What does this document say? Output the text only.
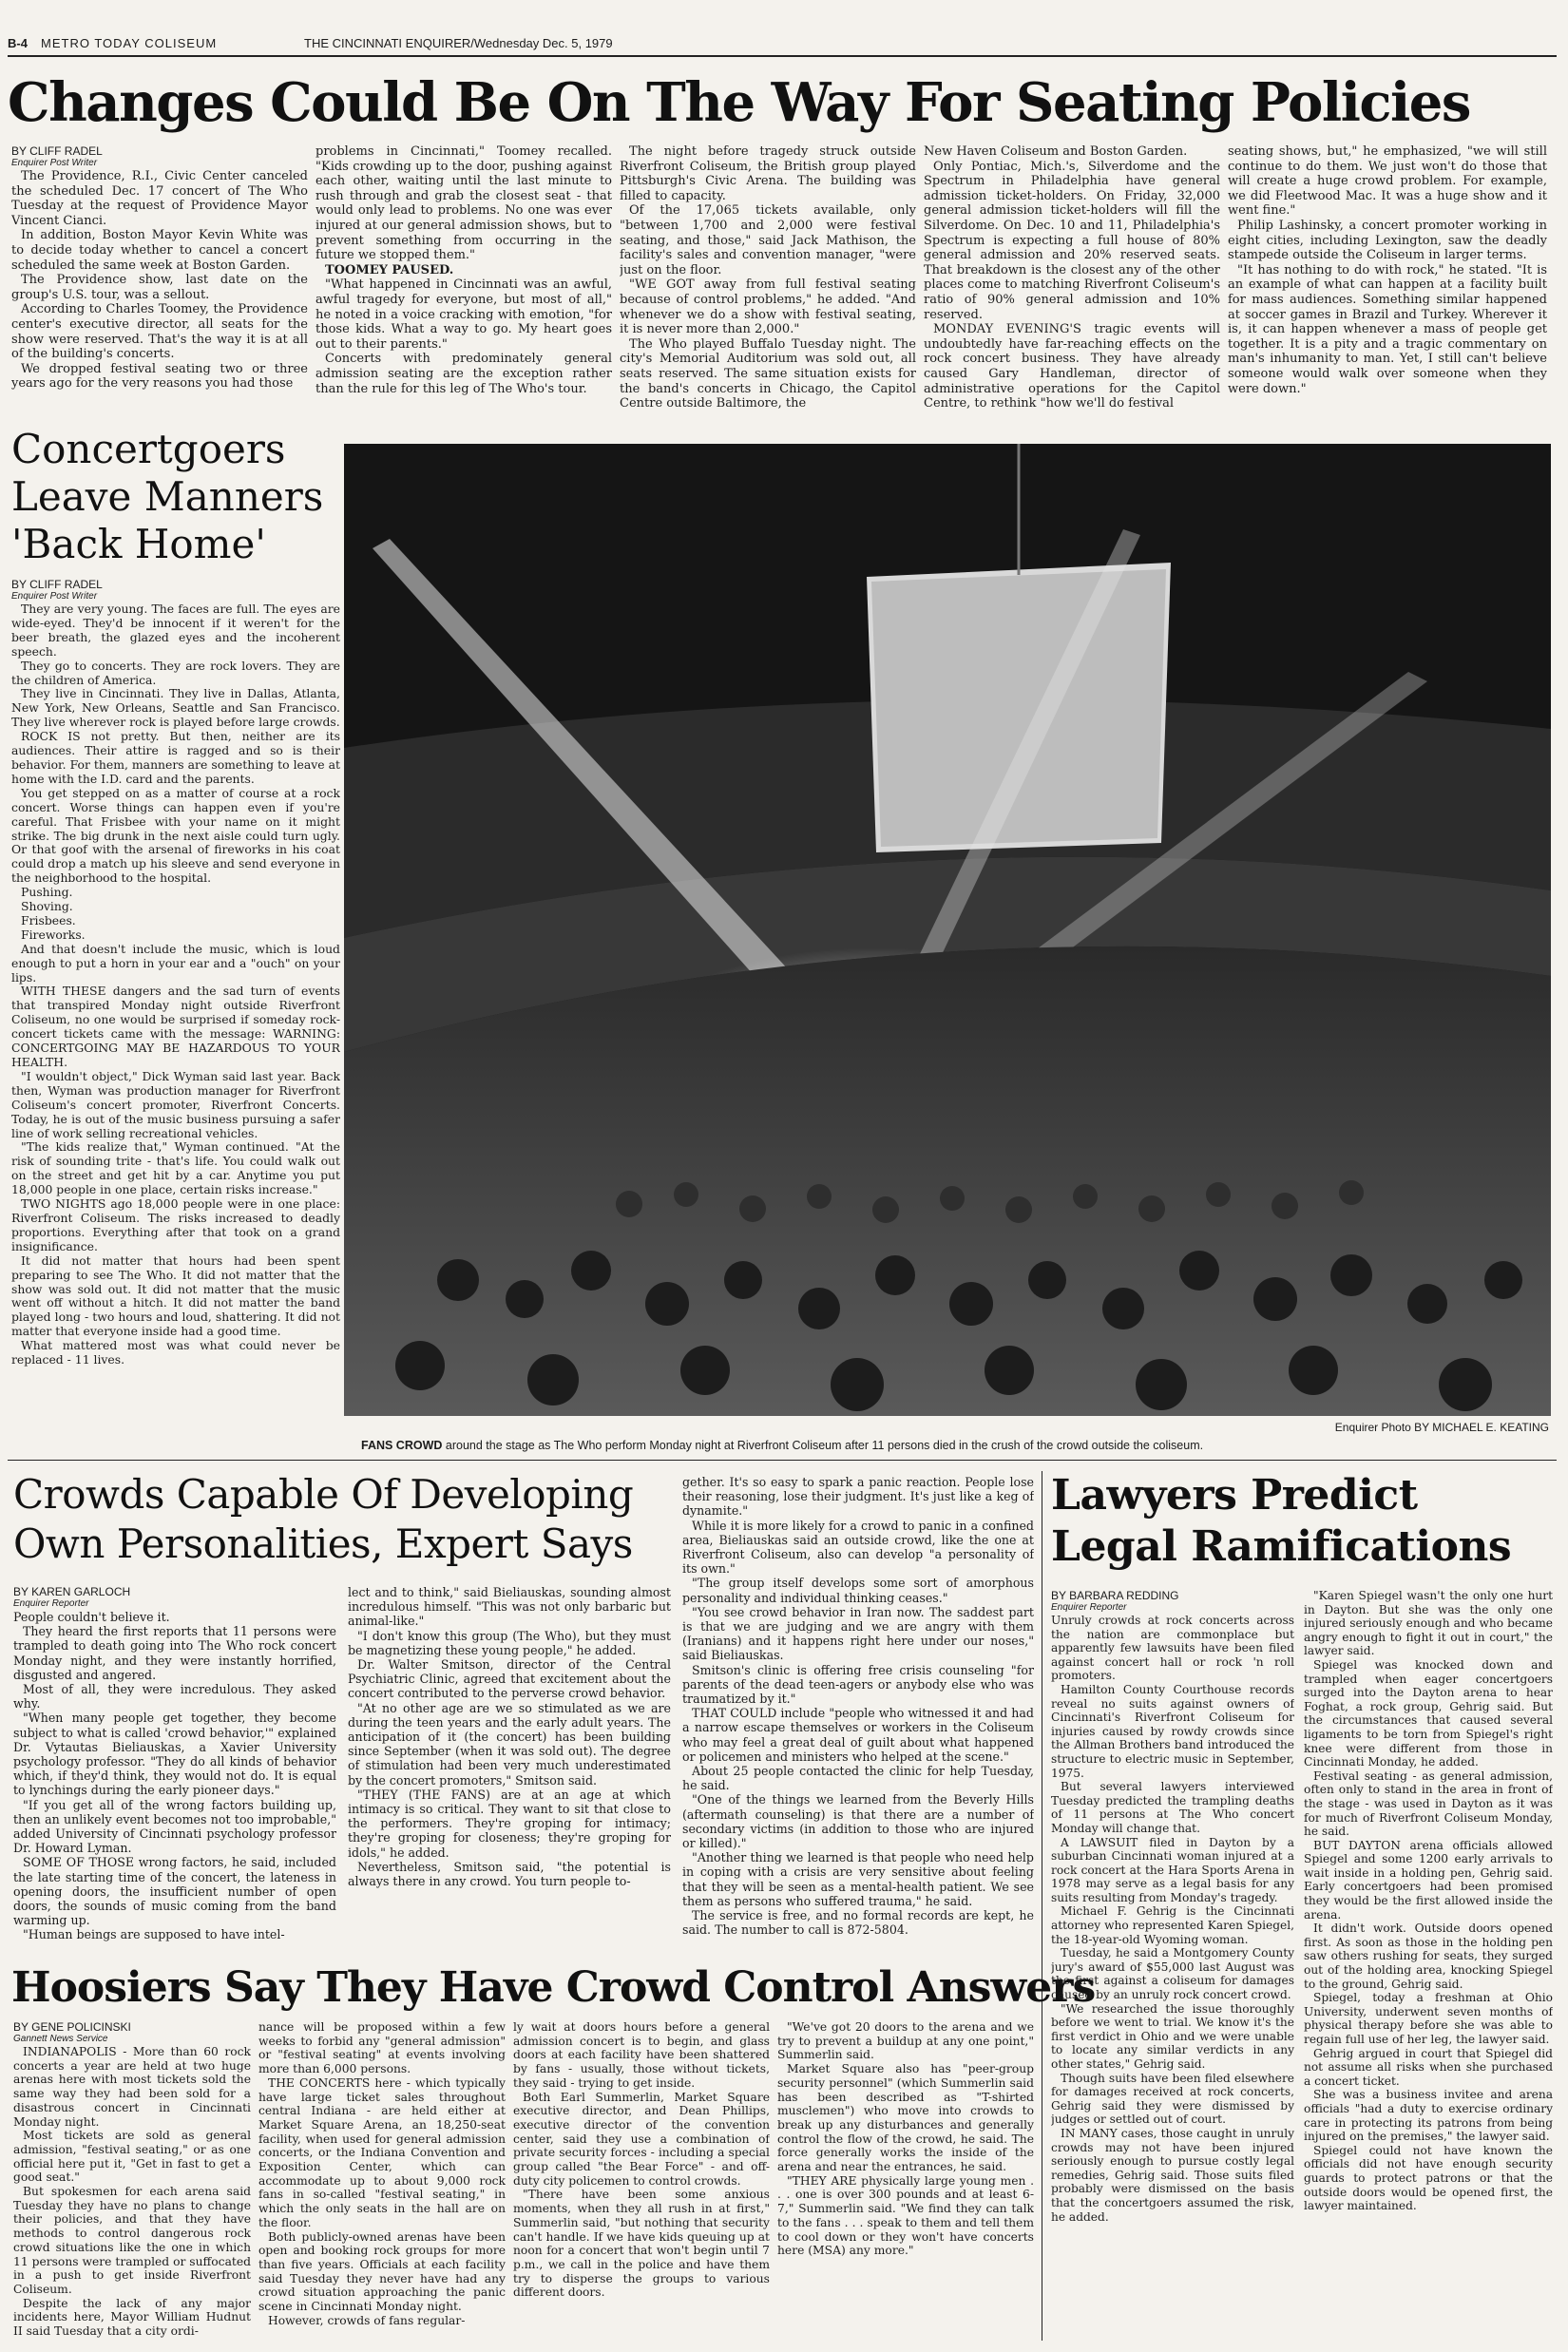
B-4 METRO TODAY COLISEUM	THE CINCINNATI ENQUIRER/Wednesday Dec. 5, 1979
Changes Could Be On The Way For Seating Policies
BY CLIFF RADEL
Enquirer Post Writer

The Providence, R.I., Civic Center canceled the scheduled Dec. 17 concert of The Who Tuesday at the request of Providence Mayor Vincent Cianci.

In addition, Boston Mayor Kevin White was to decide today whether to cancel a concert scheduled the same week at Boston Garden.

The Providence show, last date on the group's U.S. tour, was a sellout.

According to Charles Toomey, the Providence center's executive director, all seats for the show were reserved. That's the way it is at all of the building's concerts.

We dropped festival seating two or three years ago for the very reasons you had those

problems in Cincinnati," Toomey recalled. "Kids crowding up to the door, pushing against each other, waiting until the last minute to rush through and grab the closest seat - that would only lead to problems. No one was ever injured at our general admission shows, but to prevent something from occurring in the future we stopped them."

TOOMEY PAUSED.

"What happened in Cincinnati was an awful, awful tragedy for everyone, but most of all," he noted in a voice cracking with emotion, "for those kids. What a way to go. My heart goes out to their parents."

Concerts with predominately general admission seating are the exception rather than the rule for this leg of The Who's tour.

The night before tragedy struck outside Riverfront Coliseum, the British group played Pittsburgh's Civic Arena. The building was filled to capacity.

Of the 17,065 tickets available, only "between 1,700 and 2,000 were festival seating, and those," said Jack Mathison, the facility's sales and convention manager, "were just on the floor.

"WE GOT away from full festival seating because of control problems," he added. "And whenever we do a show with festival seating, it is never more than 2,000."

The Who played Buffalo Tuesday night. The city's Memorial Auditorium was sold out, all seats reserved. The same situation exists for the band's concerts in Chicago, the Capitol Centre outside Baltimore, the

New Haven Coliseum and Boston Garden.

Only Pontiac, Mich.'s, Silverdome and the Spectrum in Philadelphia have general admission ticket-holders. On Friday, 32,000 general admission ticket-holders will fill the Silverdome. On Dec. 10 and 11, Philadelphia's Spectrum is expecting a full house of 80% general admission and 20% reserved seats. That breakdown is the closest any of the other places come to matching Riverfront Coliseum's ratio of 90% general admission and 10% reserved.

MONDAY EVENING'S tragic events will undoubtedly have far-reaching effects on the rock concert business. They have already caused Gary Handleman, director of administrative operations for the Capitol Centre, to rethink "how we'll do festival

seating shows, but," he emphasized, "we will still continue to do them. We just won't do those that will create a huge crowd problem. For example, we did Fleetwood Mac. It was a huge show and it went fine."

Philip Lashinsky, a concert promoter working in eight cities, including Lexington, saw the deadly stampede outside the Coliseum in larger terms.

"It has nothing to do with rock," he stated. "It is an example of what can happen at a facility built for mass audiences. Something similar happened at soccer games in Brazil and Turkey. Wherever it is, it can happen whenever a mass of people get together. It is a pity and a tragic commentary on man's inhumanity to man. Yet, I still can't believe someone would walk over someone when they were down."

Concertgoers
Leave Manners
'Back Home'
BY CLIFF RADEL
Enquirer Post Writer

They are very young. The faces are full. The eyes are wide-eyed. They'd be innocent if it weren't for the beer breath, the glazed eyes and the incoherent speech.

They go to concerts. They are rock lovers. They are the children of America.

They live in Cincinnati. They live in Dallas, Atlanta, New York, New Orleans, Seattle and San Francisco. They live wherever rock is played before large crowds.

ROCK IS not pretty. But then, neither are its audiences. Their attire is ragged and so is their behavior. For them, manners are something to leave at home with the I.D. card and the parents.

You get stepped on as a matter of course at a rock concert. Worse things can happen even if you're careful. That Frisbee with your name on it might strike. The big drunk in the next aisle could turn ugly. Or that goof with the arsenal of fireworks in his coat could drop a match up his sleeve and send everyone in the neighborhood to the hospital.

Pushing.

Shoving.

Frisbees.

Fireworks.

And that doesn't include the music, which is loud enough to put a horn in your ear and a "ouch" on your lips.

WITH THESE dangers and the sad turn of events that transpired Monday night outside Riverfront Coliseum, no one would be surprised if someday rock-concert tickets came with the message: WARNING: CONCERTGOING MAY BE HAZARDOUS TO YOUR HEALTH.

"I wouldn't object," Dick Wyman said last year. Back then, Wyman was production manager for Riverfront Coliseum's concert promoter, Riverfront Concerts. Today, he is out of the music business pursuing a safer line of work selling recreational vehicles.

"The kids realize that," Wyman continued. "At the risk of sounding trite - that's life. You could walk out on the street and get hit by a car. Anytime you put 18,000 people in one place, certain risks increase."

TWO NIGHTS ago 18,000 people were in one place: Riverfront Coliseum. The risks increased to deadly proportions. Everything after that took on a grand insignificance.

It did not matter that hours had been spent preparing to see The Who. It did not matter that the show was sold out. It did not matter that the music went off without a hitch. It did not matter the band played long - two hours and loud, shattering. It did not matter that everyone inside had a good time.

What mattered most was what could never be replaced - 11 lives.

Enquirer Photo BY MICHAEL E. KEATING
FANS CROWD around the stage as The Who perform Monday night at Riverfront Coliseum after 11 persons died in the crush of the crowd outside the coliseum.
Crowds Capable Of Developing
Own Personalities, Expert Says
BY KAREN GARLOCH
Enquirer Reporter

People couldn't believe it.

They heard the first reports that 11 persons were trampled to death going into The Who rock concert Monday night, and they were instantly horrified, disgusted and angered.

Most of all, they were incredulous. They asked why.

"When many people get together, they become subject to what is called 'crowd behavior,'" explained Dr. Vytautas Bieliauskas, a Xavier University psychology professor. "They do all kinds of behavior which, if they'd think, they would not do. It is equal to lynchings during the early pioneer days."

"If you get all of the wrong factors building up, then an unlikely event becomes not too improbable," added University of Cincinnati psychology professor Dr. Howard Lyman.

SOME OF THOSE wrong factors, he said, included the late starting time of the concert, the lateness in opening doors, the insufficient number of open doors, the sounds of music coming from the band warming up.

"Human beings are supposed to have intel-

lect and to think," said Bieliauskas, sounding almost incredulous himself. "This was not only barbaric but animal-like."

"I don't know this group (The Who), but they must be magnetizing these young people," he added.

Dr. Walter Smitson, director of the Central Psychiatric Clinic, agreed that excitement about the concert contributed to the perverse crowd behavior.

"At no other age are we so stimulated as we are during the teen years and the early adult years. The anticipation of it (the concert) has been building since September (when it was sold out). The degree of stimulation had been very much underestimated by the concert promoters," Smitson said.

"THEY (THE FANS) are at an age at which intimacy is so critical. They want to sit that close to the performers. They're groping for intimacy; they're groping for closeness; they're groping for idols," he added.

Nevertheless, Smitson said, "the potential is always there in any crowd. You turn people to-

gether. It's so easy to spark a panic reaction. People lose their reasoning, lose their judgment. It's just like a keg of dynamite."

While it is more likely for a crowd to panic in a confined area, Bieliauskas said an outside crowd, like the one at Riverfront Coliseum, also can develop "a personality of its own."

"The group itself develops some sort of amorphous personality and individual thinking ceases."

"You see crowd behavior in Iran now. The saddest part is that we are judging and we are angry with them (Iranians) and it happens right here under our noses," said Bieliauskas.

Smitson's clinic is offering free crisis counseling "for parents of the dead teen-agers or anybody else who was traumatized by it."

THAT COULD include "people who witnessed it and had a narrow escape themselves or workers in the Coliseum who may feel a great deal of guilt about what happened or policemen and ministers who helped at the scene."

About 25 people contacted the clinic for help Tuesday, he said.

"One of the things we learned from the Beverly Hills (aftermath counseling) is that there are a number of secondary victims (in addition to those who are injured or killed)."

"Another thing we learned is that people who need help in coping with a crisis are very sensitive about feeling that they will be seen as a mental-health patient. We see them as persons who suffered trauma," he said.

The service is free, and no formal records are kept, he said. The number to call is 872-5804.

Hoosiers Say They Have Crowd Control Answers
BY GENE POLICINSKI
Gannett News Service

INDIANAPOLIS - More than 60 rock concerts a year are held at two huge arenas here with most tickets sold the same way they had been sold for a disastrous concert in Cincinnati Monday night.

Most tickets are sold as general admission, "festival seating," or as one official here put it, "Get in fast to get a good seat."

But spokesmen for each arena said Tuesday they have no plans to change their policies, and that they have methods to control dangerous rock crowd situations like the one in which 11 persons were trampled or suffocated in a push to get inside Riverfront Coliseum.

Despite the lack of any major incidents here, Mayor William Hudnut II said Tuesday that a city ordi-

nance will be proposed within a few weeks to forbid any "general admission" or "festival seating" at events involving more than 6,000 persons.

THE CONCERTS here - which typically have large ticket sales throughout central Indiana - are held either at Market Square Arena, an 18,250-seat facility, when used for general admission concerts, or the Indiana Convention and Exposition Center, which can accommodate up to about 9,000 rock fans in so-called "festival seating," in which the only seats in the hall are on the floor.

Both publicly-owned arenas have been open and booking rock groups for more than five years. Officials at each facility said Tuesday they never have had any crowd situation approaching the panic scene in Cincinnati Monday night.

However, crowds of fans regular-

ly wait at doors hours before a general admission concert is to begin, and glass doors at each facility have been shattered by fans - usually, those without tickets, they said - trying to get inside.

Both Earl Summerlin, Market Square executive director, and Dean Phillips, executive director of the convention center, said they use a combination of private security forces - including a special group called "the Bear Force" - and off-duty city policemen to control crowds.

"There have been some anxious moments, when they all rush in at first," Summerlin said, "but nothing that security can't handle. If we have kids queuing up at noon for a concert that won't begin until 7 p.m., we call in the police and have them try to disperse the groups to various different doors.

"We've got 20 doors to the arena and we try to prevent a buildup at any one point," Summerlin said.

Market Square also has "peer-group security personnel" (which Summerlin said has been described as "T-shirted musclemen") who move into crowds to break up any disturbances and generally control the flow of the crowd, he said. The force generally works the inside of the arena and near the entrances, he said.

"THEY ARE physically large young men . . . one is over 300 pounds and at least 6-7," Summerlin said. "We find they can talk to the fans . . . speak to them and tell them to cool down or they won't have concerts here (MSA) any more."

Lawyers Predict
Legal Ramifications
BY BARBARA REDDING
Enquirer Reporter

Unruly crowds at rock concerts across the nation are commonplace but apparently few lawsuits have been filed against concert hall or rock 'n roll promoters.

Hamilton County Courthouse records reveal no suits against owners of Cincinnati's Riverfront Coliseum for injuries caused by rowdy crowds since the Allman Brothers band introduced the structure to electric music in September, 1975.

But several lawyers interviewed Tuesday predicted the trampling deaths of 11 persons at The Who concert Monday will change that.

A LAWSUIT filed in Dayton by a suburban Cincinnati woman injured at a rock concert at the Hara Sports Arena in 1978 may serve as a legal basis for any suits resulting from Monday's tragedy.

Michael F. Gehrig is the Cincinnati attorney who represented Karen Spiegel, the 18-year-old Wyoming woman.

Tuesday, he said a Montgomery County jury's award of $55,000 last August was the first against a coliseum for damages caused by an unruly rock concert crowd.

"We researched the issue thoroughly before we went to trial. We know it's the first verdict in Ohio and we were unable to locate any similar verdicts in any other states," Gehrig said.

Though suits have been filed elsewhere for damages received at rock concerts, Gehrig said they were dismissed by judges or settled out of court.

IN MANY cases, those caught in unruly crowds may not have been injured seriously enough to pursue costly legal remedies, Gehrig said. Those suits filed probably were dismissed on the basis that the concertgoers assumed the risk, he added.

"Karen Spiegel wasn't the only one hurt in Dayton. But she was the only one injured seriously enough and who became angry enough to fight it out in court," the lawyer said.

Spiegel was knocked down and trampled when eager concertgoers surged into the Dayton arena to hear Foghat, a rock group, Gehrig said. But the circumstances that caused several ligaments to be torn from Spiegel's right knee were different from those in Cincinnati Monday, he added.

Festival seating - as general admission, often only to stand in the area in front of the stage - was used in Dayton as it was for much of Riverfront Coliseum Monday, he said.

BUT DAYTON arena officials allowed Spiegel and some 1200 early arrivals to wait inside in a holding pen, Gehrig said. Early concertgoers had been promised they would be the first allowed inside the arena.

It didn't work. Outside doors opened first. As soon as those in the holding pen saw others rushing for seats, they surged out of the holding area, knocking Spiegel to the ground, Gehrig said.

Spiegel, today a freshman at Ohio University, underwent seven months of physical therapy before she was able to regain full use of her leg, the lawyer said.

Gehrig argued in court that Spiegel did not assume all risks when she purchased a concert ticket.

She was a business invitee and arena officials "had a duty to exercise ordinary care in protecting its patrons from being injured on the premises," the lawyer said.

Spiegel could not have known the officials did not have enough security guards to protect patrons or that the outside doors would be opened first, the lawyer maintained.
